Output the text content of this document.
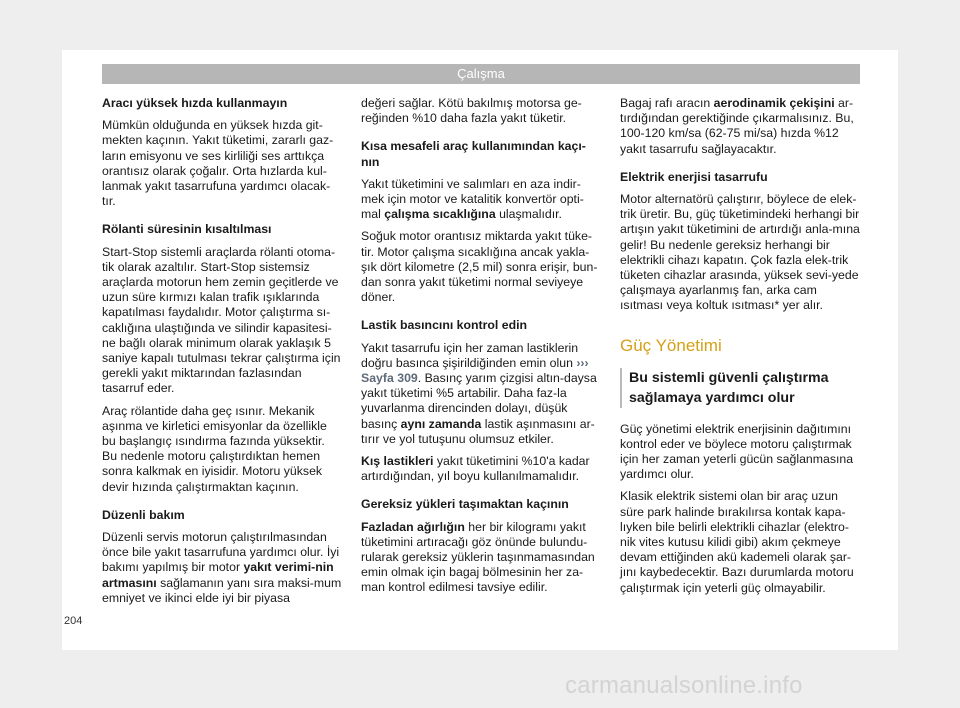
Çalışma
Aracı yüksek hızda kullanmayın

Mümkün olduğunda en yüksek hızda git-mekten kaçının. Yakıt tüketimi, zararlı gaz-ların emisyonu ve ses kirliliği ses arttıkça orantısız olarak çoğalır. Orta hızlarda kul-lanmak yakıt tasarrufuna yardımcı olacak-tır.

Rölanti süresinin kısaltılması

Start-Stop sistemli araçlarda rölanti otoma-tik olarak azaltılır. Start-Stop sistemsiz araçlarda motorun hem zemin geçitlerde ve uzun süre kırmızı kalan trafik ışıklarında kapatılması faydalıdır. Motor çalıştırma sı-caklığına ulaştığında ve silindir kapasitesi-ne bağlı olarak minimum olarak yaklaşık 5 saniye kapalı tutulması tekrar çalıştırma için gerekli yakıt miktarından fazlasından tasarruf eder.

Araç rölantide daha geç ısınır. Mekanik aşınma ve kirletici emisyonlar da özellikle bu başlangıç ısındırma fazında yüksektir. Bu nedenle motoru çalıştırdıktan hemen sonra kalkmak en iyisidir. Motoru yüksek devir hızında çalıştırmaktan kaçının.

Düzenli bakım

Düzenli servis motorun çalıştırılmasından önce bile yakıt tasarrufuna yardımcı olur. İyi bakımı yapılmış bir motor yakıt verimi-nin artmasını sağlamanın yanı sıra maksi-mum emniyet ve ikinci elde iyi bir piyasa

değeri sağlar. Kötü bakılmış motorsa ge-reğinden %10 daha fazla yakıt tüketir.

Kısa mesafeli araç kullanımından kaçı-nın

Yakıt tüketimini ve salımları en aza indir-mek için motor ve katalitik konvertör opti-mal çalışma sıcaklığına ulaşmalıdır.

Soğuk motor orantısız miktarda yakıt tüke-tir. Motor çalışma sıcaklığına ancak yakla-şık dört kilometre (2,5 mil) sonra erişir, bun-dan sonra yakıt tüketimi normal seviyeye döner.

Lastik basıncını kontrol edin

Yakıt tasarrufu için her zaman lastiklerin doğru basınca şişirildiğinden emin olun ››› Sayfa 309. Basınç yarım çizgisi altın-daysa yakıt tüketimi %5 artabilir. Daha faz-la yuvarlanma direncinden dolayı, düşük basınç aynı zamanda lastik aşınmasını ar-tırır ve yol tutuşunu olumsuz etkiler.

Kış lastikleri yakıt tüketimini %10'a kadar artırdığından, yıl boyu kullanılmamalıdır.

Gereksiz yükleri taşımaktan kaçının

Fazladan ağırlığın her bir kilogramı yakıt tüketimini artıracağı göz önünde bulundu-rularak gereksiz yüklerin taşınmamasından emin olmak için bagaj bölmesinin her za-man kontrol edilmesi tavsiye edilir.

Bagaj rafı aracın aerodinamik çekişini ar-tırdığından gerektiğinde çıkarmalısınız. Bu, 100-120 km/sa (62-75 mi/sa) hızda %12 yakıt tasarrufu sağlayacaktır.

Elektrik enerjisi tasarrufu

Motor alternatörü çalıştırır, böylece de elek-trik üretir. Bu, güç tüketimindeki herhangi bir artışın yakıt tüketimini de artırdığı anla-mına gelir! Bu nedenle gereksiz herhangi bir elektrikli cihazı kapatın. Çok fazla elek-trik tüketen cihazlar arasında, yüksek sevi-yede çalışmaya ayarlanmış fan, arka cam ısıtması veya koltuk ısıtması* yer alır.

Güç Yönetimi

Bu sistemli güvenli çalıştırma sağlamaya yardımcı olur

Güç yönetimi elektrik enerjisinin dağıtımını kontrol eder ve böylece motoru çalıştırmak için her zaman yeterli gücün sağlanmasına yardımcı olur.

Klasik elektrik sistemi olan bir araç uzun süre park halinde bırakılırsa kontak kapa-lıyken bile belirli elektrikli cihazlar (elektro-nik vites kutusu kilidi gibi) akım çekmeye devam ettiğinden akü kademeli olarak şar-jını kaybedecektir. Bazı durumlarda motoru çalıştırmak için yeterli güç olmayabilir.

204
carmanualsonline.info
